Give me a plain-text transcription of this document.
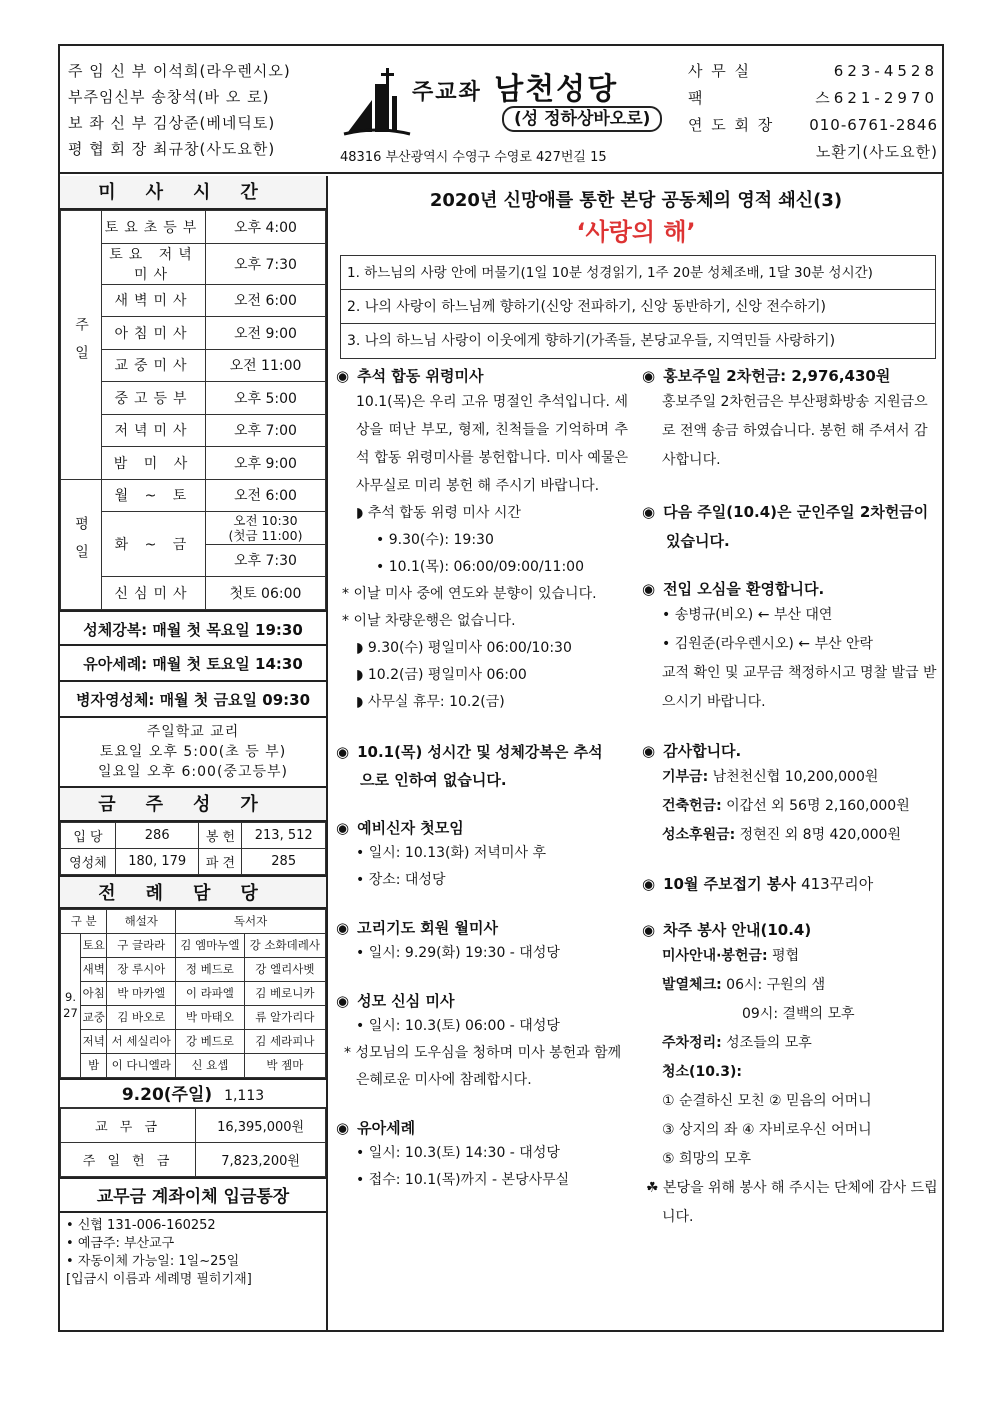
주 임 신 부 이석희(라우렌시오)
부주임신부 송창석(바 오 로)
보 좌 신 부 김상준(베네딕토)
평 협 회 장 최규창(사도요한)
주교좌 남천성당
(성 정하상바오로)
48316 부산광역시 수영구 수영로 427번길 15
사 무 실	623-4528
팩	스621-2970
연 도 회 장 010-6761-2846
노환기(사도요한)
미사시간
주일	토요초등부	오후 4:00
	토요 저녁미사	오후 7:30
	새벽미사	오전 6:00
	아침미사	오전 9:00
	교중미사	오전 11:00
	중고등부	오후 5:00
	저녁미사	오후 7:00
	밤 미 사	오후 9:00
평일	월 ~ 토	오전 6:00
	화 ~ 금	오전 10:30
(첫금 11:00)
		오후 7:30
	신심미사	첫토 06:00
성체강복: 매월 첫 목요일 19:30
유아세례: 매월 첫 토요일 14:30
병자영성체: 매월 첫 금요일 09:30
주일학교 교리
토요일 오후 5:00(초 등 부)
일요일 오후 6:00(중고등부)
금주성가
입 당	286	봉 헌	213, 512
영성체	180, 179	파 견	285
전례담당
구 분		해설자	독서자	
9.
27	토요	구 글라라	김 엠마누엘	강 소화데레사
	새벽	장 루시아	정 베드로	강 엘리사벳
	아침	박 마카엘	이 라파엘	김 베로니카
	교중	김 바오로	박 마태오	류 알가리다
	저녁	서 세실리아	강 베드로	김 세라피나
	밤	이 다니엘라	신 요셉	박 젬마
9.20(주일) 1,113
교 무 금	16,395,000원
주 일 헌 금	7,823,200원
교무금 계좌이체 입금통장
• 신협 131-006-160252
• 예금주: 부산교구
• 자동이체 가능일: 1일~25일
[입금시 이름과 세례명 필히기재]
2020년 신망애를 통한 본당 공동체의 영적 쇄신(3)
‘사랑의 해’
1. 하느님의 사랑 안에 머물기(1일 10분 성경읽기, 1주 20분 성체조배, 1달 30분 성시간)
2. 나의 사랑이 하느님께 향하기(신앙 전파하기, 신앙 동반하기, 신앙 전수하기)
3. 나의 하느님 사랑이 이웃에게 향하기(가족들, 본당교우들, 지역민들 사랑하기)
◉ 추석 합동 위령미사
10.1(목)은 우리 고유 명절인 추석입니다. 세상을 떠난 부모, 형제, 친척들을 기억하며 추석 합동 위령미사를 봉헌합니다. 미사 예물은 사무실로 미리 봉헌 해 주시기 바랍니다.
◗ 추석 합동 위령 미사 시간
• 9.30(수): 19:30
• 10.1(목): 06:00/09:00/11:00
* 이날 미사 중에 연도와 분향이 있습니다.
* 이날 차량운행은 없습니다.
◗ 9.30(수) 평일미사 06:00/10:30
◗ 10.2(금) 평일미사 06:00
◗ 사무실 휴무: 10.2(금)
◉ 10.1(목) 성시간 및 성체강복은 추석
으로 인하여 없습니다.
◉ 예비신자 첫모임
• 일시: 10.13(화) 저녁미사 후
• 장소: 대성당
◉ 고리기도 회원 월미사
• 일시: 9.29(화) 19:30 - 대성당
◉ 성모 신심 미사
• 일시: 10.3(토) 06:00 - 대성당
* 성모님의 도우심을 청하며 미사 봉헌과 함께 은혜로운 미사에 참례합시다.
◉ 유아세례
• 일시: 10.3(토) 14:30 - 대성당
• 접수: 10.1(목)까지 - 본당사무실
◉ 홍보주일 2차헌금: 2,976,430원
홍보주일 2차헌금은 부산평화방송 지원금으로 전액 송금 하였습니다. 봉헌 해 주셔서 감사합니다.
◉ 다음 주일(10.4)은 군인주일 2차헌금이
있습니다.
◉ 전입 오심을 환영합니다.
• 송병규(비오) ← 부산 대연
• 김원준(라우렌시오) ← 부산 안락
교적 확인 및 교무금 책정하시고 명찰 발급 받으시기 바랍니다.
◉ 감사합니다.
기부금: 남천천신협 10,200,000원
건축헌금: 이갑선 외 56명 2,160,000원
성소후원금: 정현진 외 8명 420,000원
◉ 10월 주보접기 봉사 413꾸리아
◉ 차주 봉사 안내(10.4)
미사안내·봉헌금: 평협
발열체크: 06시: 구원의 샘
09시: 결백의 모후
주차정리: 성조들의 모후
청소(10.3):
① 순결하신 모친 ② 믿음의 어머니
③ 상지의 좌 ④ 자비로우신 어머니
⑤ 희망의 모후
☘ 본당을 위해 봉사 해 주시는 단체에 감사 드립니다.
